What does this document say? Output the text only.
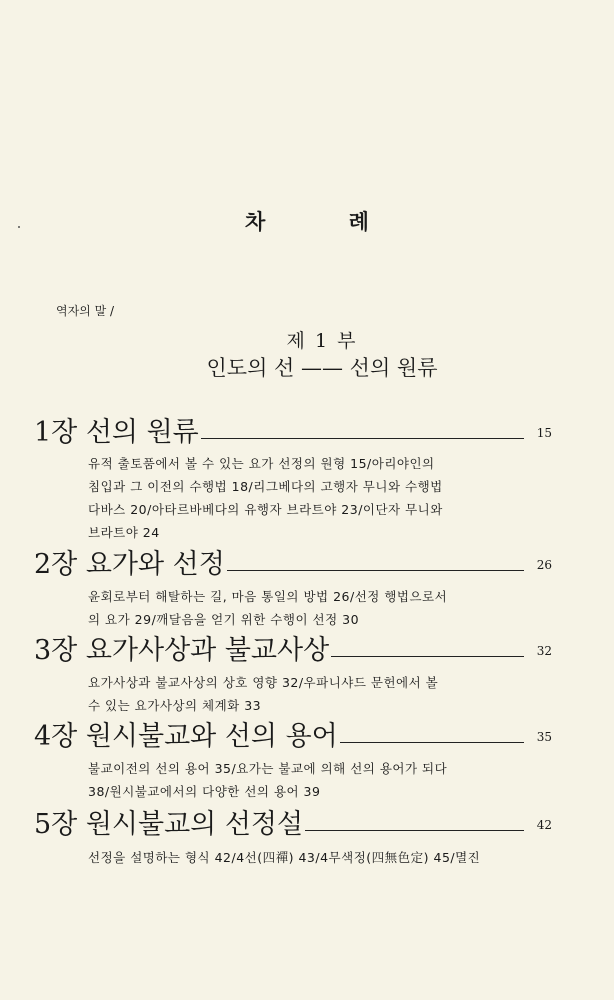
차 례
역자의 말 /
제 1 부
인도의 선 —— 선의 원류
1장 선의 원류	15
유적 출토품에서 볼 수 있는 요가 선정의 원형 15/아리야인의
침입과 그 이전의 수행법 18/리그베다의 고행자 무니와 수행법
다바스 20/아타르바베다의 유행자 브라트야 23/이단자 무니와
브라트야 24
2장 요가와 선정	26
윤회로부터 해탈하는 길, 마음 통일의 방법 26/선정 행법으로서
의 요가 29/깨달음을 얻기 위한 수행이 선정 30
3장 요가사상과 불교사상	32
요가사상과 불교사상의 상호 영향 32/우파니샤드 문헌에서 볼
수 있는 요가사상의 체계화 33
4장 원시불교와 선의 용어	35
불교이전의 선의 용어 35/요가는 불교에 의해 선의 용어가 되다
38/원시불교에서의 다양한 선의 용어 39
5장 원시불교의 선정설	42
선정을 설명하는 형식 42/4선(四禪) 43/4무색정(四無色定) 45/멸진
